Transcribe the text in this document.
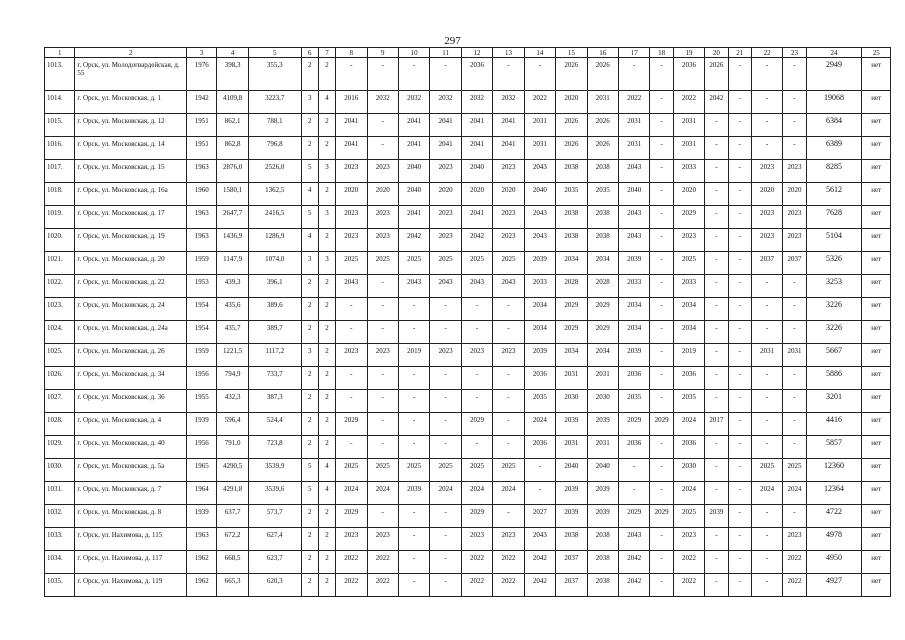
297
1	2	3	4	5	6	7	8	9	10	11	12	13	14	15	16	17	18	19	20	21	22	23	24	25
1013.	г. Орск, ул. Молодогвардейская, д. 55	1976	398,3	355,3	2	2	-	-	-	-	2036	-	-	2026	2026	-	-	2036	2026	-	-	-	2949	нет
1014.	г. Орск, ул. Московская, д. 1	1942	4109,8	3223,7	3	4	2016	2032	2032	2032	2032	2032	2022	2020	2031	2022	-	2022	2042	-	-	-	19068	нет
1015.	г. Орск, ул. Московская, д. 12	1951	862,1	788,1	2	2	2041	-	2041	2041	2041	2041	2031	2026	2026	2031	-	2031	-	-	-	-	6384	нет
1016.	г. Орск, ул. Московская, д. 14	1951	862,8	796,8	2	2	2041	-	2041	2041	2041	2041	2031	2026	2026	2031	-	2031	-	-	-	-	6389	нет
1017.	г. Орск, ул. Московская, д. 15	1963	2876,0	2526,0	5	3	2023	2023	2040	2023	2040	2023	2043	2038	2038	2043	-	2033	-	-	2023	2023	8285	нет
1018.	г. Орск, ул. Московская, д. 16а	1960	1580,1	1362,5	4	2	2020	2020	2040	2020	2020	2020	2040	2035	2035	2040	-	2020	-	-	2020	2020	5612	нет
1019.	г. Орск, ул. Московская, д. 17	1963	2647,7	2416,5	5	3	2023	2023	2041	2023	2041	2023	2043	2038	2038	2043	-	2029	-	-	2023	2023	7628	нет
1020.	г. Орск, ул. Московская, д. 19	1963	1436,9	1286,9	4	2	2023	2023	2042	2023	2042	2023	2043	2038	2038	2043	-	2023	-	-	2023	2023	5104	нет
1021.	г. Орск, ул. Московская, д. 20	1959	1147,9	1074,0	3	3	2025	2025	2025	2025	2025	2025	2039	2034	2034	2039	-	2025	-	-	2037	2037	5326	нет
1022.	г. Орск, ул. Московская, д. 22	1953	439,3	396,1	2	2	2043	-	2043	2043	2043	2043	2033	2028	2028	2033	-	2033	-	-	-	-	3253	нет
1023.	г. Орск, ул. Московская, д. 24	1954	435,6	389,6	2	2	-	-	-	-	-	-	2034	2029	2029	2034	-	2034	-	-	-	-	3226	нет
1024.	г. Орск, ул. Московская, д. 24а	1954	435,7	389,7	2	2	-	-	-	-	-	-	2034	2029	2029	2034	-	2034	-	-	-	-	3226	нет
1025.	г. Орск, ул. Московская, д. 26	1959	1221,5	1117,2	3	2	2023	2023	2019	2023	2023	2023	2039	2034	2034	2039	-	2019	-	-	2031	2031	5667	нет
1026.	г. Орск, ул. Московская, д. 34	1956	794,9	733,7	2	2	-	-	-	-	-	-	2036	2031	2031	2036	-	2036	-	-	-	-	5886	нет
1027.	г. Орск, ул. Московская, д. 36	1955	432,3	387,3	2	2	-	-	-	-	-	-	2035	2030	2030	2035	-	2035	-	-	-	-	3201	нет
1028.	г. Орск, ул. Московская, д. 4	1939	596,4	524,4	2	2	2029	-	-	-	2029	-	2024	2039	2039	2029	2029	2024	2017	-	-	-	4416	нет
1029.	г. Орск, ул. Московская, д. 40	1956	791,0	723,8	2	2	-	-	-	-	-	-	2036	2031	2031	2036	-	2036	-	-	-	-	5857	нет
1030.	г. Орск, ул. Московская, д. 5а	1965	4290,5	3539,9	5	4	2025	2025	2025	2025	2025	2025	-	2040	2040	-	-	2030	-	-	2025	2025	12360	нет
1031.	г. Орск, ул. Московская, д. 7	1964	4291,8	3539,6	5	4	2024	2024	2039	2024	2024	2024	-	2039	2039	-	-	2024	-	-	2024	2024	12364	нет
1032.	г. Орск, ул. Московская, д. 8	1939	637,7	573,7	2	2	2029	-	-	-	2029	-	2027	2039	2039	2029	2029	2025	2039	-	-	-	4722	нет
1033.	г. Орск, ул. Нахимова, д. 115	1963	672,2	627,4	2	2	2023	2023	-	-	2023	2023	2043	2038	2038	2043	-	2023	-	-	-	2023	4978	нет
1034.	г. Орск, ул. Нахимова, д. 117	1962	668,5	623,7	2	2	2022	2022	-	-	2022	2022	2042	2037	2038	2042	-	2022	-	-	-	2022	4950	нет
1035.	г. Орск, ул. Нахимова, д. 119	1962	665,3	620,3	2	2	2022	2022	-	-	2022	2022	2042	2037	2038	2042	-	2022	-	-	-	2022	4927	нет
